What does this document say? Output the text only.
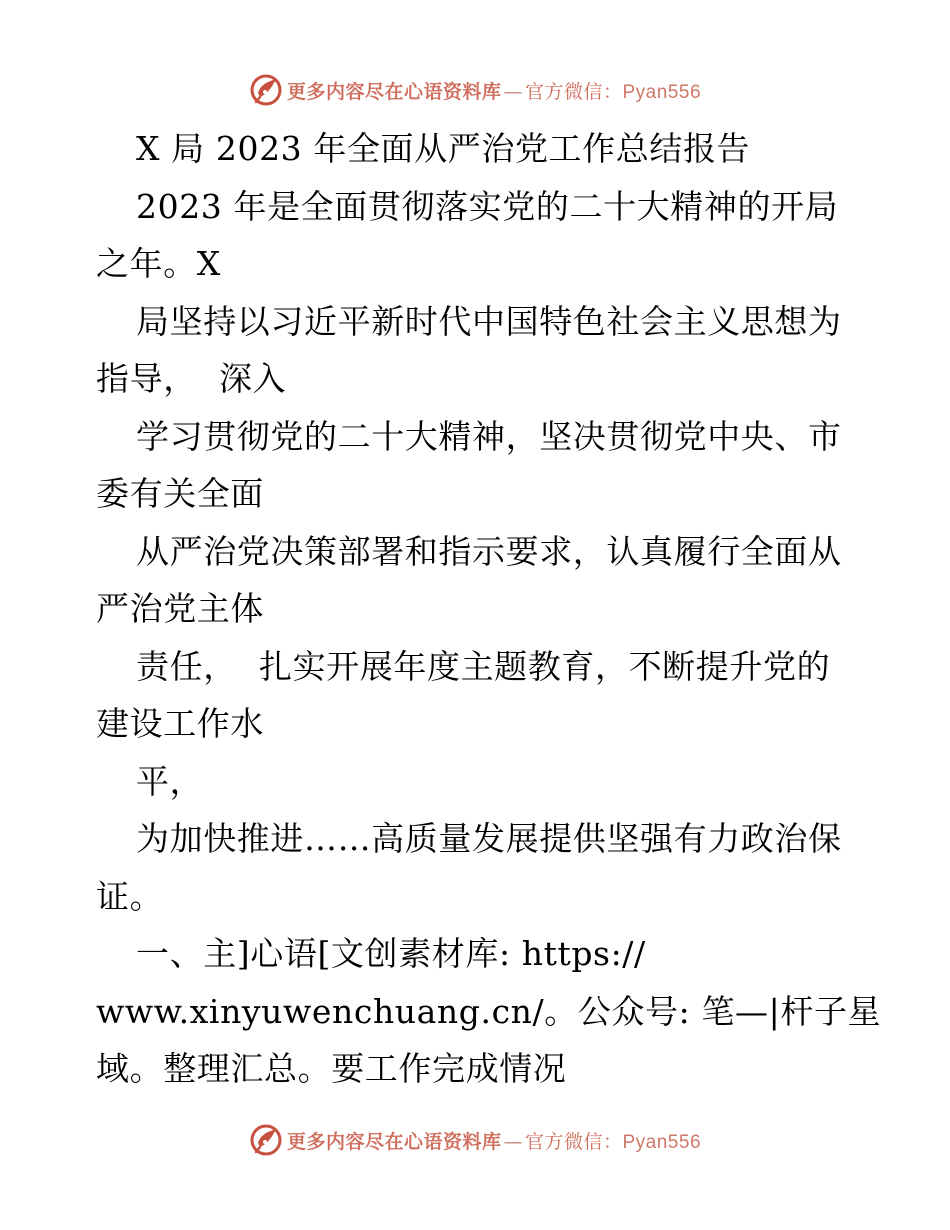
更多内容尽在心语资料库 — 官方微信：Pyan556
X 局 2023 年全面从严治党工作总结报告
2023 年是全面贯彻落实党的二十大精神的开局
之年。X
局坚持以习近平新时代中国特色社会主义思想为
指导，  深入
学习贯彻党的二十大精神，坚决贯彻党中央、市
委有关全面
从严治党决策部署和指示要求，认真履行全面从
严治党主体
责任，  扎实开展年度主题教育，不断提升党的
建设工作水
平，
为加快推进……高质量发展提供坚强有力政治保
证。
一、主]心语[文创素材库: https://
www.xinyuwenchuang.cn/。公众号: 笔—|杆子星
域。整理汇总。要工作完成情况
更多内容尽在心语资料库 — 官方微信：Pyan556
